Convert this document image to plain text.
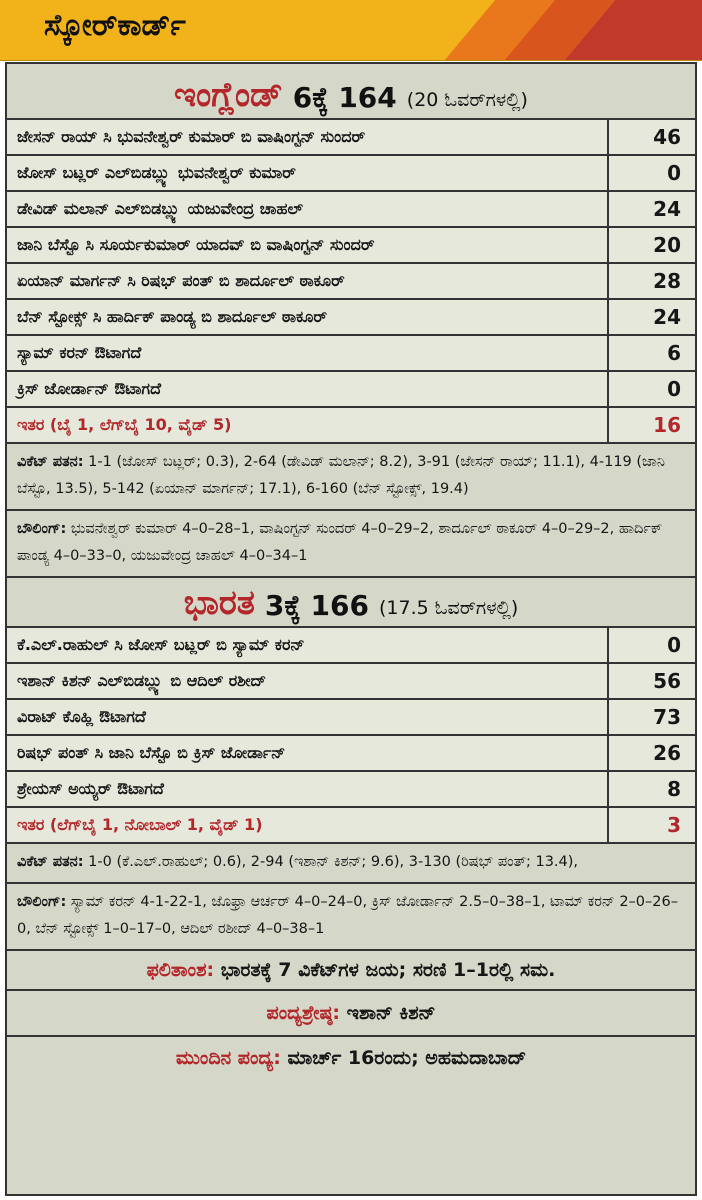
ಸ್ಕೋರ್‌ಕಾರ್ಡ್
ಇಂಗ್ಲೆಂಡ್ 6ಕ್ಕೆ 164 (20 ಓವರ್‌ಗಳಲ್ಲಿ)
ಜೇಸನ್ ರಾಯ್ ಸಿ ಭುವನೇಶ್ವರ್ ಕುಮಾರ್ ಬಿ ವಾಷಿಂಗ್ಟನ್ ಸುಂದರ್	46
ಜೋಸ್ ಬಟ್ಲರ್ ಎಲ್‌ಬಿಡಬ್ಲ್ಯು ಭುವನೇಶ್ವರ್ ಕುಮಾರ್	0
ಡೇವಿಡ್ ಮಲಾನ್ ಎಲ್‌ಬಿಡಬ್ಲ್ಯು ಯಜುವೇಂದ್ರ ಚಾಹಲ್	24
ಜಾನಿ ಬೆಸ್ಟೊ ಸಿ ಸೂರ್ಯಕುಮಾರ್ ಯಾದವ್ ಬಿ ವಾಷಿಂಗ್ಟನ್ ಸುಂದರ್	20
ಏಯಾನ್ ಮಾರ್ಗನ್ ಸಿ ರಿಷಭ್ ಪಂತ್ ಬಿ ಶಾರ್ದೂಲ್ ಠಾಕೂರ್	28
ಬೆನ್ ಸ್ಟೋಕ್ಸ್ ಸಿ ಹಾರ್ದಿಕ್ ಪಾಂಡ್ಯ ಬಿ ಶಾರ್ದೂಲ್ ಠಾಕೂರ್	24
ಸ್ಯಾಮ್ ಕರನ್ ಔಟಾಗದೆ	6
ಕ್ರಿಸ್ ಜೋರ್ಡಾನ್ ಔಟಾಗದೆ	0
ಇತರ (ಬೈ 1, ಲೆಗ್‌ಬೈ 10, ವೈಡ್ 5)	16
ವಿಕೆಟ್ ಪತನ: 1-1 (ಜೋಸ್ ಬಟ್ಲರ್; 0.3), 2-64 (ಡೇವಿಡ್ ಮಲಾನ್; 8.2), 3-91 (ಜೇಸನ್ ರಾಯ್; 11.1), 4-119 (ಜಾನಿ ಬೆಸ್ಟೊ, 13.5), 5-142 (ಏಯಾನ್ ಮಾರ್ಗನ್; 17.1), 6-160 (ಬೆನ್ ಸ್ಟೋಕ್ಸ್, 19.4)
ಬೌಲಿಂಗ್: ಭುವನೇಶ್ವರ್ ಕುಮಾರ್ 4–0–28–1, ವಾಷಿಂಗ್ಟನ್ ಸುಂದರ್ 4–0–29–2, ಶಾರ್ದೂಲ್ ಠಾಕೂರ್ 4–0–29–2, ಹಾರ್ದಿಕ್ ಪಾಂಡ್ಯ 4–0–33–0, ಯಜುವೇಂದ್ರ ಚಾಹಲ್ 4–0–34–1
ಭಾರತ 3ಕ್ಕೆ 166 (17.5 ಓವರ್‌ಗಳಲ್ಲಿ)
ಕೆ.ಎಲ್.ರಾಹುಲ್ ಸಿ ಜೋಸ್ ಬಟ್ಲರ್ ಬಿ ಸ್ಯಾಮ್ ಕರನ್	0
ಇಶಾನ್ ಕಿಶನ್ ಎಲ್‌ಬಿಡಬ್ಲ್ಯು ಬಿ ಆದಿಲ್ ರಶೀದ್	56
ವಿರಾಟ್ ಕೊಹ್ಲಿ ಔಟಾಗದೆ	73
ರಿಷಭ್ ಪಂತ್ ಸಿ ಜಾನಿ ಬೆಸ್ಟೊ ಬಿ ಕ್ರಿಸ್ ಜೋರ್ಡಾನ್	26
ಶ್ರೇಯಸ್ ಅಯ್ಯರ್ ಔಟಾಗದೆ	8
ಇತರ (ಲೆಗ್‌ಬೈ 1, ನೋಬಾಲ್ 1, ವೈಡ್ 1)	3
ವಿಕೆಟ್ ಪತನ: 1-0 (ಕೆ.ಎಲ್.ರಾಹುಲ್; 0.6), 2-94 (ಇಶಾನ್ ಕಿಶನ್; 9.6), 3-130 (ರಿಷಭ್ ಪಂತ್; 13.4),
ಬೌಲಿಂಗ್: ಸ್ಯಾಮ್ ಕರನ್ 4-1-22-1, ಜೊಫ್ರಾ ಆರ್ಚರ್ 4–0–24–0, ಕ್ರಿಸ್ ಜೋರ್ಡಾನ್ 2.5–0–38–1, ಟಾಮ್ ಕರನ್ 2–0–26–0, ಬೆನ್ ಸ್ಟೋಕ್ಸ್ 1–0–17–0, ಆದಿಲ್ ರಶೀದ್ 4–0–38–1
ಫಲಿತಾಂಶ: ಭಾರತಕ್ಕೆ 7 ವಿಕೆಟ್‌ಗಳ ಜಯ; ಸರಣಿ 1–1ರಲ್ಲಿ ಸಮ.
ಪಂದ್ಯಶ್ರೇಷ್ಠ: ಇಶಾನ್ ಕಿಶನ್
ಮುಂದಿನ ಪಂದ್ಯ: ಮಾರ್ಚ್ 16ರಂದು; ಅಹಮದಾಬಾದ್
